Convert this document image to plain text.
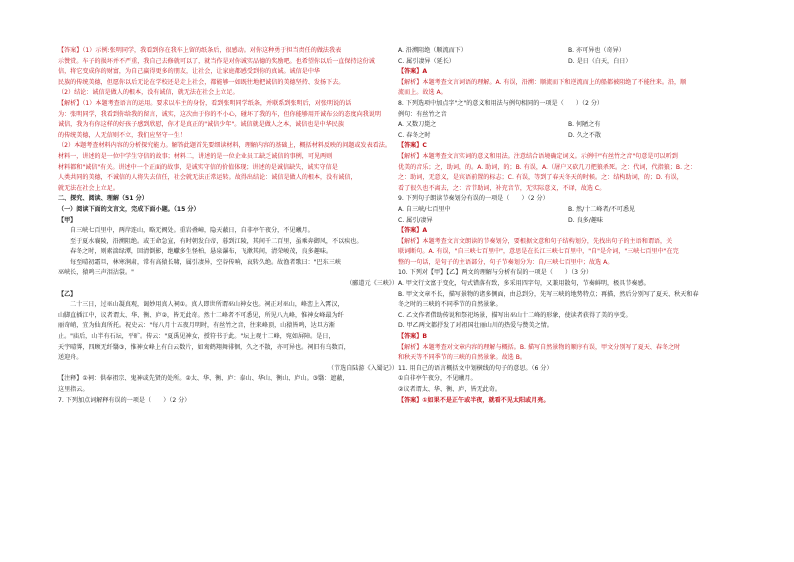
【答案】（1）示例:张明同学，我看到你在我车上留的纸条后，很感动。对你这种勇于担当责任的做法我表

示赞赏。车子的损坏并不严重，我自己去修就可以了，就当作是对你诚实品德的奖励吧。也希望你以后一直保持这份诚

信，将它变成你的财富，为自己赢得更多的朋友，让社会，让家庭都感受到你的真诚。诚信是中华

民族的传统美德，但愿你以后无论在学校还是走上社会，都能够一如既往地把诚信的美德坚持、发扬下去。

（2）结论：诚信是做人的根本，没有诚信，就无法在社会上立足。

【解析】（1）本题考查语言的运用。要求以车主的身份，看到张明同学纸条，并联系到张明后，对张明说的话

为：张明同学，我看到你给我的留言，诚实，这次由于你的不小心，碰坏了我的车，但你能够用开诚布公的态度向我说明

诚信，我为有你这样的好孩子感到欣慰，你才是真正的"诚信少年"。诚信就是做人之本，诚信也是中华民族

的传统美德，人无信则不立，我们应坚守一生！

（2）本题考查材料内容的分析探究能力。解答此题首先要细读材料，理解内容的基础上，概括材料反映的问题或发表看法。

材料一，讲述的是一位中学生守信的故事；材料二，讲述的是一位企业员工缺乏诚信的事例，可见两则

材料都和"诚信"有关。讲述中一个正面的故事，是诚实守信的价值体现；讲述的是诚信缺失，诚实守信是

人类共同的美德，不诚信的人将失去信任，社会就无法正常运转。故得出结论：诚信是做人的根本，没有诚信，

就无法在社会上立足。

二、探究、阅读、理解（51 分）

（一）阅读下面的文言文，完成下面小题。（15 分）

【甲】

自三峡七百里中，两岸连山，略无阙处。重岩叠嶂，隐天蔽日，自非亭午夜分，不见曦月。

至于夏水襄陵，沿溯阻绝。或王命急宣，有时朝发白帝，暮到江陵，其间千二百里，虽乘奔御风，不以疾也。

春冬之时，则素湍绿潭，回清倒影，绝巘多生怪柏，悬泉瀑布，飞漱其间，清荣峻茂，良多趣味。

每至晴初霜旦，林寒涧肃，常有高猿长啸，属引凄异，空谷传响，哀转久绝。故渔者歌曰："巴东三峡

巫峡长，猿鸣三声泪沾裳。"

（郦道元《三峡》）

【乙】

二十三日，过巫山凝真观，谒妙用真人祠①。真人即世所谓巫山神女也。祠正对巫山，峰峦上入霄汉，

山脚直插江中，议者谓太、华、衡、庐②，皆无此奇。然十二峰者不可悉见，所见八九峰，惟神女峰最为纤

丽奇峭，宜为仙真所托。祝史云："每八月十五夜月明时，有丝竹之音，往来峰顶，山猿皆鸣，达旦方渐

止。"庙后，山半有石坛，平旷。传云："夏禹见神女，授符书于此。"坛上观十二峰，宛如屏障。是日，

天宇晴霁，四顾无纤翳③，惟神女峰上有白云数片，如鸾鹤翔舞徘徊，久之不散，亦可异也。祠旧有乌数百，

送迎舟。

（节选自陆游《入蜀记》）

【注释】①祠：供奉祖宗、鬼神或先贤的处所。②太、华、衡、庐：泰山、华山、衡山、庐山。③翳：遮蔽，

这里指云。

7. 下列加点词解释有误的一项是（　　）（2 分）

A. 沿溯阻绝（顺流而下）	B. 亦可异也（奇异）
C. 属引凄异（延长）	D. 是日（白天，白日）

【答案】A

【解析】本题考查文言词语的理解。A. 有误，沿溯：顺流而下和逆流而上的船都被阻绝了不能往来。沿，顺

流而上。故选 A。

8. 下列选项中加点字"之"的意义和用法与例句相同的一项是（　　）（2 分）

例句：有丝竹之音

A. 又数刀毙之	B. 何陋之有
C. 春冬之时	D. 久之不散

【答案】C

【解析】本题考查文言实词的意义和用法。注意结合语境确定词义。示例中"有丝竹之音"句意是可以听到

优美的音乐；之，助词，的。A. 助词，的；B. 有误，A.（屠户又砍几刀把狼杀死。之：代词，代指狼；B. 之：

之：助词，无意义，是宾语前置的标志；C. 有误，等到了春天冬天的时候。之：结构助词，的；D. 有误，

看了很久也不离去，之：音节助词，补充音节，无实际意义，不译，故选 C。

9. 下列句子朗读节奏划分有误的一项是（　　）（2 分）

A. 自三峡/七百里中	B. 然/十二峰者/不可悉见
C. 属引/凄异	D. 良多/趣味

【答案】A

【解析】本题考查文言文朗读的节奏划分，要根据文意和句子结构划分，先找出句子的主语和谓语，关

联词断句。A. 有误，"自三峡七百里中"，意思是在长江三峡七百里中，"自"是介词，"三峡七百里中"在完

整的一句话，是句子的主语部分，句子节奏划分为：自/三峡七百里中；故选 A。

10. 下列对【甲】【乙】两文的理解与分析有误的一项是（　　）（3 分）

A. 甲文行文富于变化，句式错落有致，多采用四字句，又兼用散句，节奏鲜明，极具节奏感。

B. 甲文文章不长，描写景物的诸多侧面，由总到分，先写三峡的地势特点；再描，然后分别写了夏天、秋天和春

冬之时的三峡的不同季节的自然景象。

C. 乙文作者借助传说和祭祀场景，描写出巫山十二峰的形象，使读者获得了美的享受。

D. 甲乙两文都抒发了对祖国壮丽山川的热爱与赞美之情。

【答案】B

【解析】本题考查对文章内容的理解与概括。B. 描写自然景物的顺序有误，甲文分别写了夏天、春冬之时

和秋天等不同季节的三峡的自然景象。故选 B。

11. 用自己的语言概括文中划横线的句子的意思。（6 分）

①自非亭午夜分，不见曦月。

②议者谓太、华、衡、庐，皆无此奇。

【答案】①如果不是正午或半夜，就看不见太阳或月亮。
